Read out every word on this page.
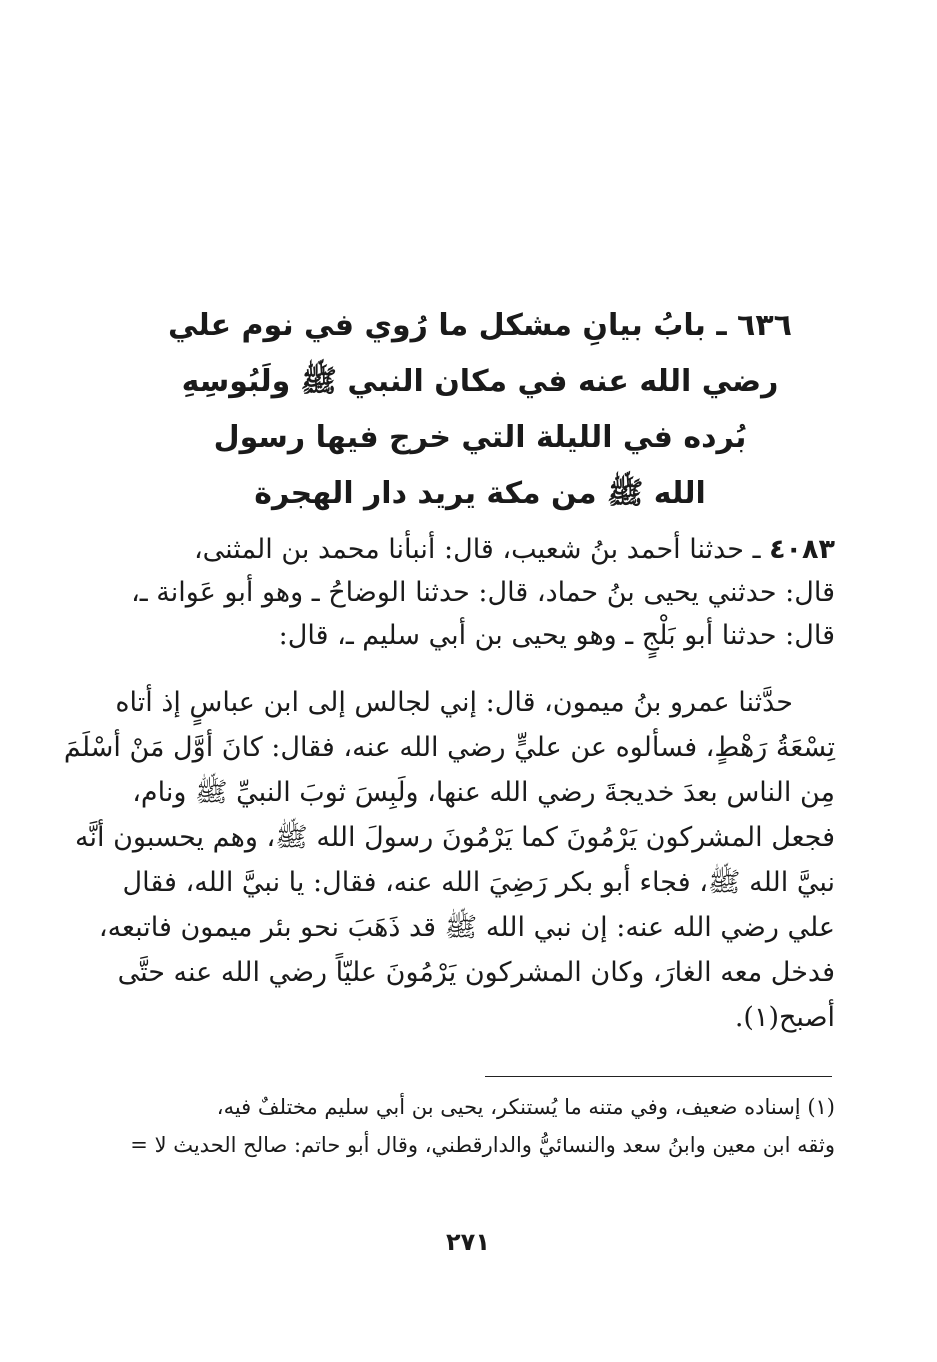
٦٣٦ ـ بابُ بيانِ مشكل ما رُوي في نوم علي
رضي الله عنه في مكان النبي ﷺ ولَبُوسِهِ
بُرده في الليلة التي خرج فيها رسول
الله ﷺ من مكة يريد دار الهجرة
٤٠٨٣ ـ حدثنا أحمد بنُ شعيب، قال: أنبأنا محمد بن المثنى،
قال: حدثني يحيى بنُ حماد، قال: حدثنا الوضاحُ ـ وهو أبو عَوانة ـ،
قال: حدثنا أبو بَلْجٍ ـ وهو يحيى بن أبي سليم ـ، قال:
حدَّثنا عمرو بنُ ميمون، قال: إني لجالس إلى ابن عباسٍ إذ أتاه
تِسْعَةُ رَهْطٍ، فسألوه عن عليٍّ رضي الله عنه، فقال: كانَ أوَّل مَنْ أسْلَمَ
مِن الناس بعدَ خديجةَ رضي الله عنها، ولَبِسَ ثوبَ النبيِّ ﷺ ونام،
فجعل المشركون يَرْمُونَ كما يَرْمُونَ رسولَ الله ﷺ، وهم يحسبون أنَّه
نبيَّ الله ﷺ، فجاء أبو بكر رَضِيَ الله عنه، فقال: يا نبيَّ الله، فقال
علي رضي الله عنه: إن نبي الله ﷺ قد ذَهَبَ نحو بئر ميمون فاتبعه،
فدخل معه الغارَ، وكان المشركون يَرْمُونَ عليّاً رضي الله عنه حتَّى
أصبح(١).
(١) إسناده ضعيف، وفي متنه ما يُستنكر، يحيى بن أبي سليم مختلفٌ فيه،
وثقه ابن معين وابنُ سعد والنسائيُّ والدارقطني، وقال أبو حاتم: صالح الحديث لا =
٢٧١
